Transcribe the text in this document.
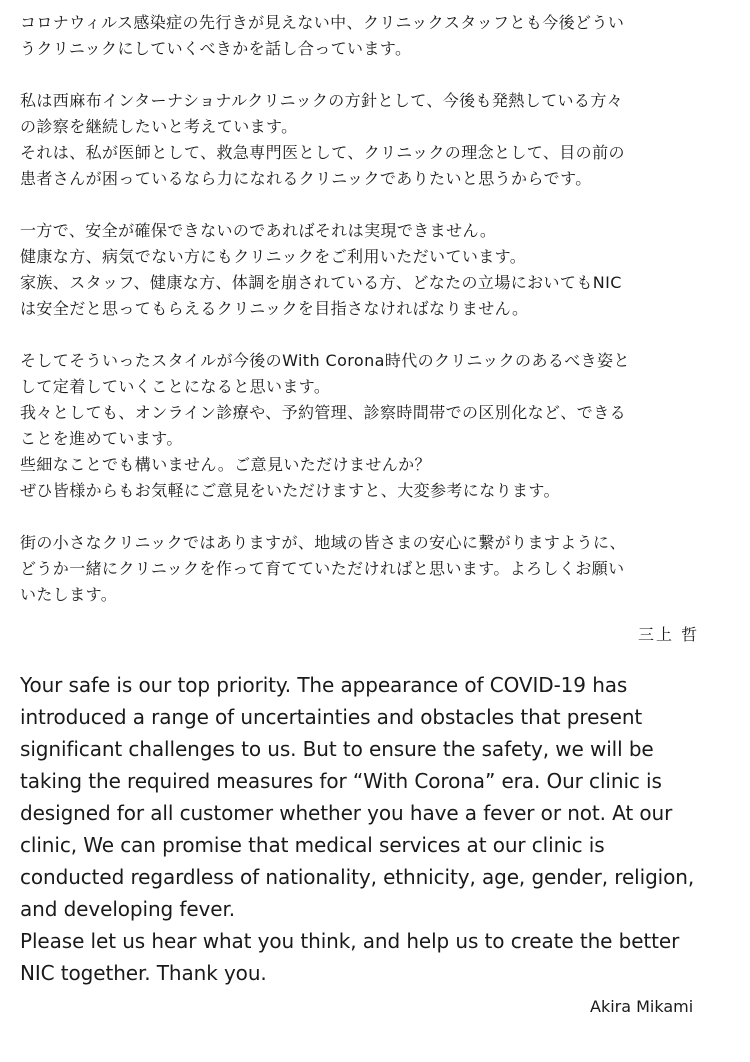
コロナウィルス感染症の先行きが見えない中、クリニックスタッフとも今後どうい
うクリニックにしていくべきかを話し合っています。
私は西麻布インターナショナルクリニックの方針として、今後も発熱している方々
の診察を継続したいと考えています。
それは、私が医師として、救急専門医として、クリニックの理念として、目の前の
患者さんが困っているなら力になれるクリニックでありたいと思うからです。
一方で、安全が確保できないのであればそれは実現できません。
健康な方、病気でない方にもクリニックをご利用いただいています。
家族、スタッフ、健康な方、体調を崩されている方、どなたの立場においてもNIC
は安全だと思ってもらえるクリニックを目指さなければなりません。
そしてそういったスタイルが今後のWith Corona時代のクリニックのあるべき姿と
して定着していくことになると思います。
我々としても、オンライン診療や、予約管理、診察時間帯での区別化など、できる
ことを進めています。
些細なことでも構いません。ご意見いただけませんか？
ぜひ皆様からもお気軽にご意見をいただけますと、大変参考になります。
街の小さなクリニックではありますが、地域の皆さまの安心に繋がりますように、
どうか一緒にクリニックを作って育てていただければと思います。よろしくお願い
いたします。
三上 哲
Your safe is our top priority. The appearance of COVID-19 has
introduced a range of uncertainties and obstacles that present
significant challenges to us. But to ensure the safety, we will be
taking the required measures for “With Corona” era. Our clinic is
designed for all customer whether you have a fever or not. At our
clinic, We can promise that medical services at our clinic is
conducted regardless of nationality, ethnicity, age, gender, religion,
and developing fever.
Please let us hear what you think, and help us to create the better
NIC together. Thank you.
Akira Mikami
